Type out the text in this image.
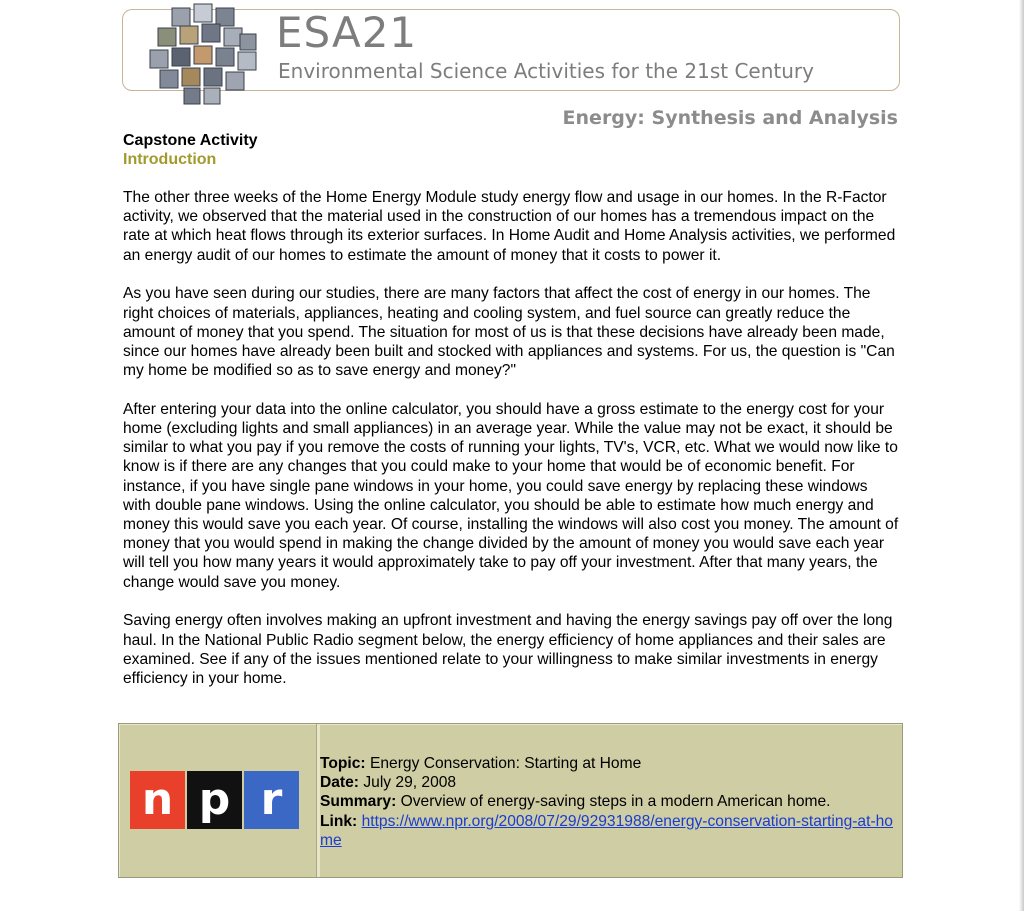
ESA21
Environmental Science Activities for the 21st Century
Energy: Synthesis and Analysis
Capstone Activity
Introduction

The other three weeks of the Home Energy Module study energy flow and usage in our homes. In the R-Factor activity, we observed that the material used in the construction of our homes has a tremendous impact on the rate at which heat flows through its exterior surfaces. In Home Audit and Home Analysis activities, we performed an energy audit of our homes to estimate the amount of money that it costs to power it.

As you have seen during our studies, there are many factors that affect the cost of energy in our homes. The right choices of materials, appliances, heating and cooling system, and fuel source can greatly reduce the amount of money that you spend. The situation for most of us is that these decisions have already been made, since our homes have already been built and stocked with appliances and systems. For us, the question is "Can my home be modified so as to save energy and money?"

After entering your data into the online calculator, you should have a gross estimate to the energy cost for your home (excluding lights and small appliances) in an average year. While the value may not be exact, it should be similar to what you pay if you remove the costs of running your lights, TV's, VCR, etc. What we would now like to know is if there are any changes that you could make to your home that would be of economic benefit. For instance, if you have single pane windows in your home, you could save energy by replacing these windows with double pane windows. Using the online calculator, you should be able to estimate how much energy and money this would save you each year. Of course, installing the windows will also cost you money. The amount of money that you would spend in making the change divided by the amount of money you would save each year will tell you how many years it would approximately take to pay off your investment. After that many years, the change would save you money.

Saving energy often involves making an upfront investment and having the energy savings pay off over the long haul. In the National Public Radio segment below, the energy efficiency of home appliances and their sales are examined. See if any of the issues mentioned relate to your willingness to make similar investments in energy efficiency in your home.

n p r
Topic: Energy Conservation: Starting at Home
Date: July 29, 2008
Summary: Overview of energy-saving steps in a modern American home.
Link: https://www.npr.org/2008/07/29/92931988/energy-conservation-starting-at-home
